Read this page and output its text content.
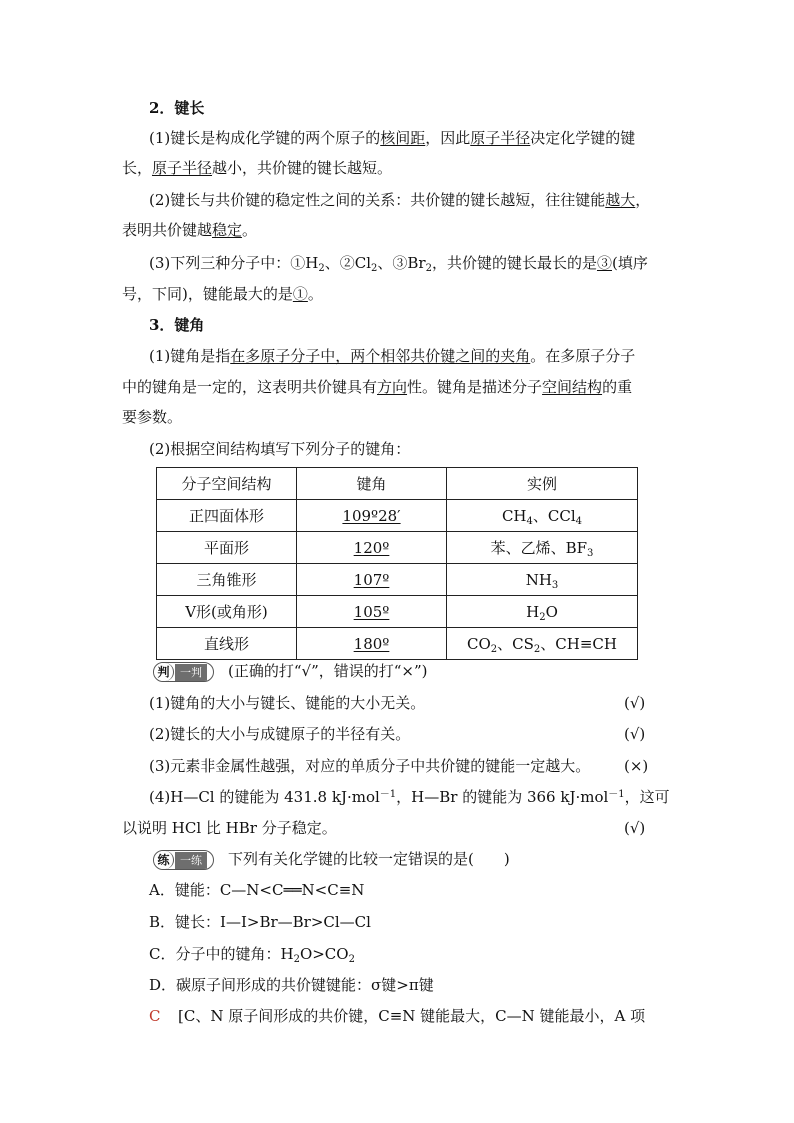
2．键长
(1)键长是构成化学键的两个原子的核间距，因此原子半径决定化学键的键
长，原子半径越小，共价键的键长越短。
(2)键长与共价键的稳定性之间的关系：共价键的键长越短，往往键能越大，
表明共价键越稳定。
(3)下列三种分子中：$①H_2$、$②Cl_2$、$③Br_2$，共价键的键长最长的是③(填序
号，下同)，键能最大的是①。
3．键角
(1)键角是指在多原子分子中，两个相邻共价键之间的夹角。在多原子分子
中的键角是一定的，这表明共价键具有方向性。键角是描述分子空间结构的重
要参数。
(2)根据空间结构填写下列分子的键角：
分子空间结构	键角	实例
正四面体形	109º28′	$CH_4$、CCl$_4$
平面形	120º	苯、乙烯、$BF_3$
三角锥形	107º	$NH_3$
V形(或角形)	105º	$H_2O$
直线形	180º	$CO_2$、$CS_2$、CH≡CH
判 一判	(正确的打“√”，错误的打“×”)
(1)键角的大小与键长、键能的大小无关。	(√)
(2)键长的大小与成键原子的半径有关。	(√)
(3)元素非金属性越强，对应的单质分子中共价键的键能一定越大。 (×)
(4)H—Cl 的键能为 431.8 kJ·mol$^{-1}$，H—Br 的键能为 366 kJ·mol$^{-1}$，这可
以说明 HCl 比 HBr 分子稳定。	(√)
练 一练	下列有关化学键的比较一定错误的是(　　)
A．键能：C—N<C══N<C≡N
B．键长：I—I>Br—Br>Cl—Cl
C．分子中的键角：$H_2O>CO_2$
D．碳原子间形成的共价键键能：σ键>π键
C [C、N 原子间形成的共价键，C≡N 键能最大，C—N 键能最小，A 项
